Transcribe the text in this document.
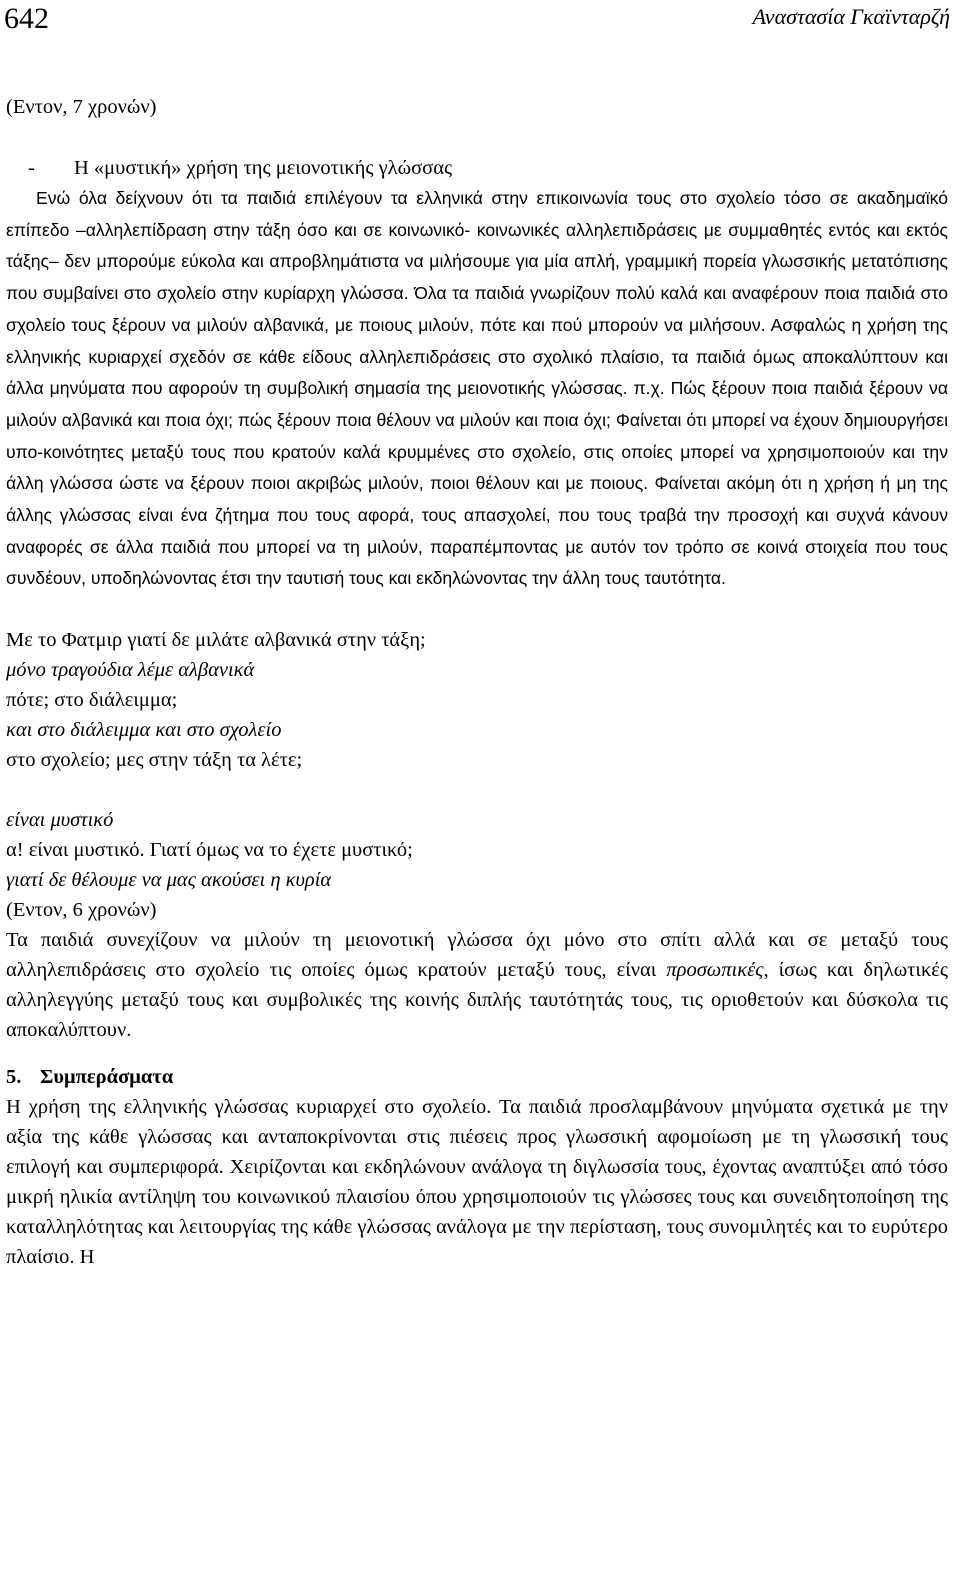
642	Αναστασία Γκαϊνταρζή
(Εντον, 7 χρονών)
- Η «μυστική» χρήση της μειονοτικής γλώσσας
Ενώ όλα δείχνουν ότι τα παιδιά επιλέγουν τα ελληνικά στην επικοινωνία τους στο σχολείο τόσο σε ακαδημαϊκό επίπεδο –αλληλεπίδραση στην τάξη όσο και σε κοινωνικό- κοινωνικές αλληλεπιδράσεις με συμμαθητές εντός και εκτός τάξης– δεν μπορούμε εύκολα και απροβλημάτιστα να μιλήσουμε για μία απλή, γραμμική πορεία γλωσσικής μετατόπισης που συμβαίνει στο σχολείο στην κυρίαρχη γλώσσα. Όλα τα παιδιά γνωρίζουν πολύ καλά και αναφέρουν ποια παιδιά στο σχολείο τους ξέρουν να μιλούν αλβανικά, με ποιους μιλούν, πότε και πού μπορούν να μιλήσουν. Ασφαλώς η χρήση της ελληνικής κυριαρχεί σχεδόν σε κάθε είδους αλληλεπιδράσεις στο σχολικό πλαίσιο, τα παιδιά όμως αποκαλύπτουν και άλλα μηνύματα που αφορούν τη συμβολική σημασία της μειονοτικής γλώσσας. π.χ. Πώς ξέρουν ποια παιδιά ξέρουν να μιλούν αλβανικά και ποια όχι; πώς ξέρουν ποια θέλουν να μιλούν και ποια όχι; Φαίνεται ότι μπορεί να έχουν δημιουργήσει υπο-κοινότητες μεταξύ τους που κρατούν καλά κρυμμένες στο σχολείο, στις οποίες μπορεί να χρησιμοποιούν και την άλλη γλώσσα ώστε να ξέρουν ποιοι ακριβώς μιλούν, ποιοι θέλουν και με ποιους. Φαίνεται ακόμη ότι η χρήση ή μη της άλλης γλώσσας είναι ένα ζήτημα που τους αφορά, τους απασχολεί, που τους τραβά την προσοχή και συχνά κάνουν αναφορές σε άλλα παιδιά που μπορεί να τη μιλούν, παραπέμποντας με αυτόν τον τρόπο σε κοινά στοιχεία που τους συνδέουν, υποδηλώνοντας έτσι την ταυτισή τους και εκδηλώνοντας την άλλη τους ταυτότητα.
Με το Φατμιρ γιατί δε μιλάτε αλβανικά στην τάξη;
μόνο τραγούδια λέμε αλβανικά
πότε; στο διάλειμμα;
και στο διάλειμμα και στο σχολείο
στο σχολείο; μες στην τάξη τα λέτε;
είναι μυστικό
α! είναι μυστικό. Γιατί όμως να το έχετε μυστικό;
γιατί δε θέλουμε να μας ακούσει η κυρία
(Εντον, 6 χρονών)
Τα παιδιά συνεχίζουν να μιλούν τη μειονοτική γλώσσα όχι μόνο στο σπίτι αλλά και σε μεταξύ τους αλληλεπιδράσεις στο σχολείο τις οποίες όμως κρατούν μεταξύ τους, είναι προσωπικές, ίσως και δηλωτικές αλληλεγγύης μεταξύ τους και συμβολικές της κοινής διπλής ταυτότητάς τους, τις οριοθετούν και δύσκολα τις αποκαλύπτουν.
5. Συμπεράσματα
Η χρήση της ελληνικής γλώσσας κυριαρχεί στο σχολείο. Τα παιδιά προσλαμβάνουν μηνύματα σχετικά με την αξία της κάθε γλώσσας και ανταποκρίνονται στις πιέσεις προς γλωσσική αφομοίωση με τη γλωσσική τους επιλογή και συμπεριφορά. Χειρίζονται και εκδηλώνουν ανάλογα τη διγλωσσία τους, έχοντας αναπτύξει από τόσο μικρή ηλικία αντίληψη του κοινωνικού πλαισίου όπου χρησιμοποιούν τις γλώσσες τους και συνειδητοποίηση της καταλληλότητας και λειτουργίας της κάθε γλώσσας ανάλογα με την περίσταση, τους συνομιλητές και το ευρύτερο πλαίσιο. Η
